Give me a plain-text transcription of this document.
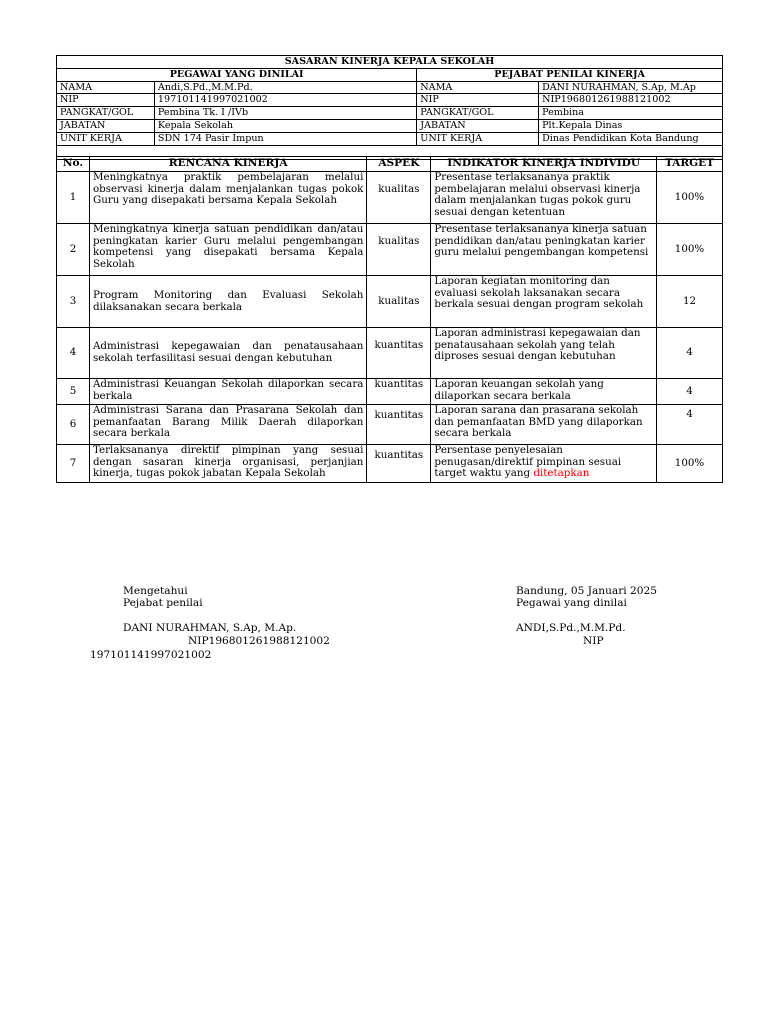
SASARAN KINERJA KEPALA SEKOLAH			
PEGAWAI YANG DINILAI		PEJABAT PENILAI KINERJA	
NAMA	Andi,S.Pd.,M.M.Pd.	NAMA	DANI NURAHMAN, S.Ap, M.Ap
NIP	197101141997021002	NIP	NIP196801261988121002
PANGKAT/GOL	Pembina Tk. I /IVb	PANGKAT/GOL	Pembina
JABATAN	Kepala Sekolah	JABATAN	Plt.Kepala Dinas
UNIT KERJA	SDN 174 Pasir Impun	UNIT KERJA	Dinas Pendidikan Kota Bandung

No.	RENCANA KINERJA	ASPEK	INDIKATOR KINERJA INDIVIDU	TARGET
1	Meningkatnya praktik pembelajaran melalui observasi kinerja dalam menjalankan tugas pokok Guru yang disepakati bersama Kepala Sekolah	kualitas	Presentase terlaksananya praktik pembelajaran melalui observasi kinerja dalam menjalankan tugas pokok guru sesuai dengan ketentuan	100%
2	Meningkatnya kinerja satuan pendidikan dan/atau peningkatan karier Guru melalui pengembangan kompetensi yang disepakati bersama Kepala Sekolah	kualitas	Presentase terlaksananya kinerja satuan pendidikan dan/atau peningkatan karier guru melalui pengembangan kompetensi	100%
3	Program Monitoring dan Evaluasi Sekolah dilaksanakan secara berkala	kualitas	Laporan kegiatan monitoring dan evaluasi sekolah laksanakan secara berkala sesuai dengan program sekolah	12
4	Administrasi kepegawaian dan penatausahaan sekolah terfasilitasi sesuai dengan kebutuhan	kuantitas	Laporan administrasi kepegawaian dan penatausahaan sekolah yang telah diproses sesuai dengan kebutuhan	4
5	Administrasi Keuangan Sekolah dilaporkan secara berkala	kuantitas	Laporan keuangan sekolah yang dilaporkan secara berkala	4
6	Administrasi Sarana dan Prasarana Sekolah dan pemanfaatan Barang Milik Daerah dilaporkan secara berkala	kuantitas	Laporan sarana dan prasarana sekolah dan pemanfaatan BMD yang dilaporkan secara berkala	4
7	Terlaksananya direktif pimpinan yang sesuai dengan sasaran kinerja organisasi, perjanjian kinerja, tugas pokok jabatan Kepala Sekolah	kuantitas	Persentase penyelesaian penugasan/direktif pimpinan sesuai target waktu yang ditetapkan	100%
Mengetahui
Pejabat penilai
DANI NURAHMAN, S.Ap, M.Ap.
NIP196801261988121002
197101141997021002
Bandung, 05 Januari 2025
Pegawai yang dinilai
ANDI,S.Pd.,M.M.Pd.
NIP
